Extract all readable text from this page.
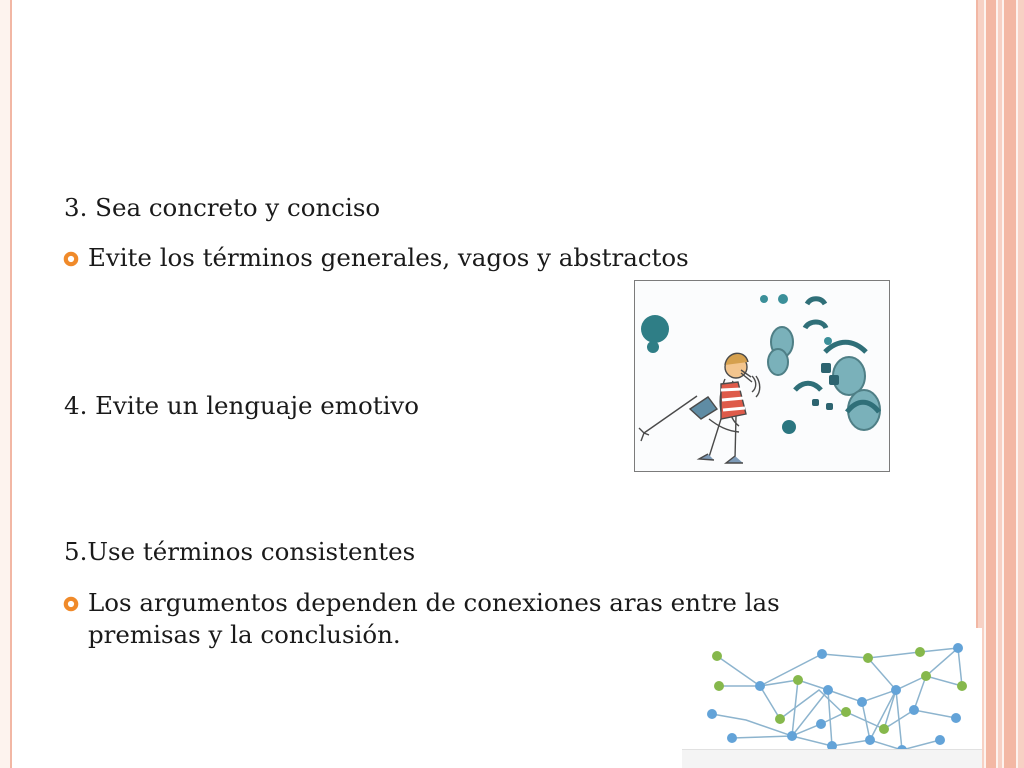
3. Sea concreto y conciso
Evite los términos generales, vagos y abstractos
4. Evite un lenguaje emotivo
5.Use términos consistentes
Los argumentos dependen de conexiones aras entre las premisas y la conclusión.
